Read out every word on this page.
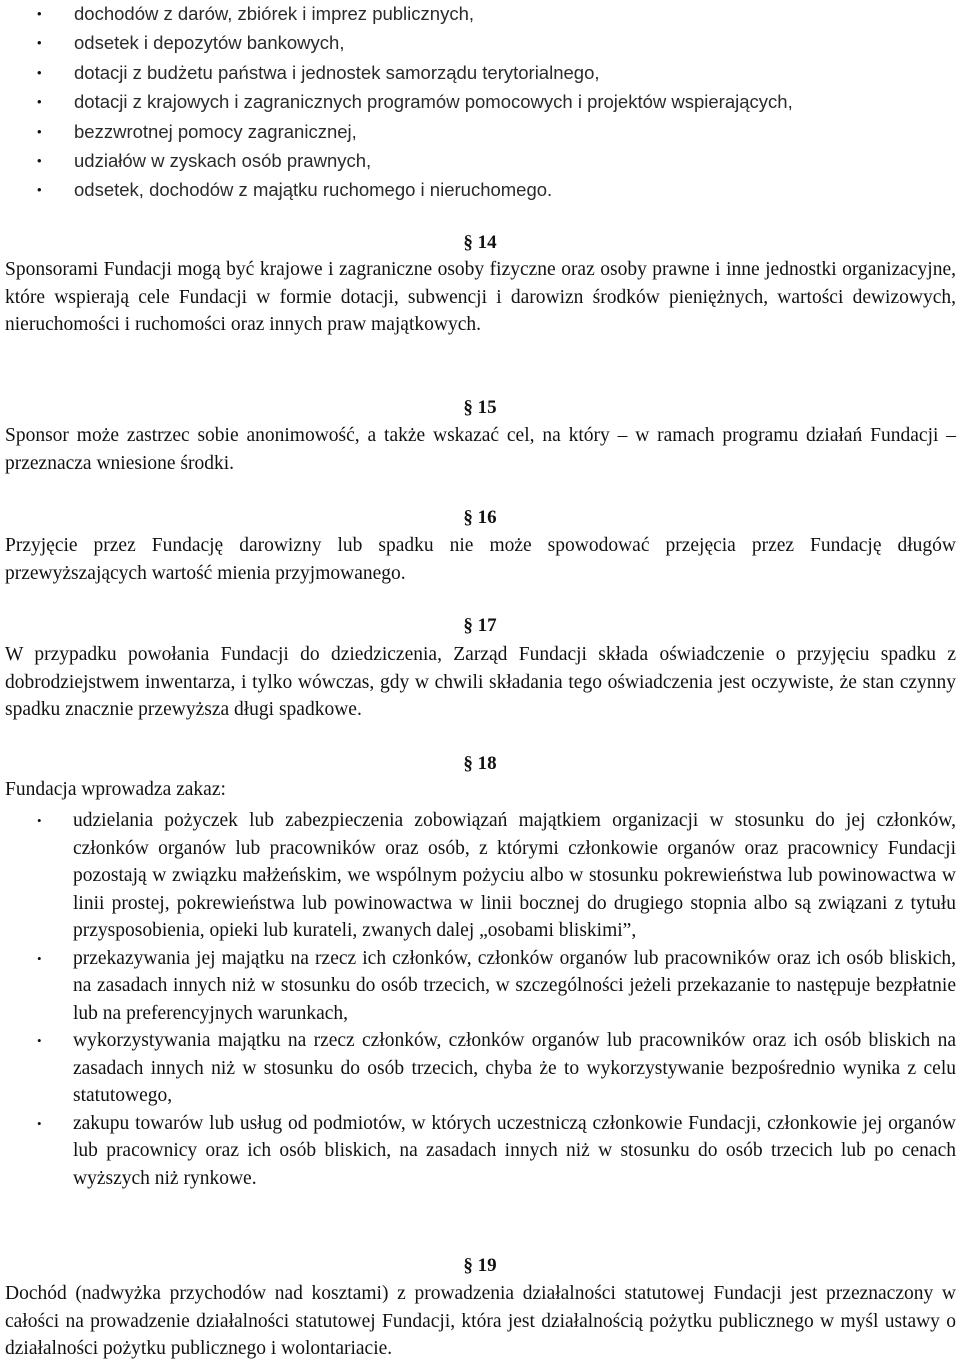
• dochodów z darów, zbiórek i imprez publicznych,
• odsetek i depozytów bankowych,
• dotacji z budżetu państwa i jednostek samorządu terytorialnego,
• dotacji z krajowych i zagranicznych programów pomocowych i projektów wspierających,
• bezzwrotnej pomocy zagranicznej,
• udziałów w zyskach osób prawnych,
• odsetek, dochodów z majątku ruchomego i nieruchomego.
§ 14

Sponsorami Fundacji mogą być krajowe i zagraniczne osoby fizyczne oraz osoby prawne i inne jednostki organizacyjne, które wspierają cele Fundacji w formie dotacji, subwencji i darowizn środków pieniężnych, wartości dewizowych, nieruchomości i ruchomości oraz innych praw majątkowych.

§ 15

Sponsor może zastrzec sobie anonimowość, a także wskazać cel, na który – w ramach programu działań Fundacji – przeznacza wniesione środki.

§ 16

Przyjęcie przez Fundację darowizny lub spadku nie może spowodować przejęcia przez Fundację długów przewyższających wartość mienia przyjmowanego.

§ 17

W przypadku powołania Fundacji do dziedziczenia, Zarząd Fundacji składa oświadczenie o przyjęciu spadku z dobrodziejstwem inwentarza, i tylko wówczas, gdy w chwili składania tego oświadczenia jest oczywiste, że stan czynny spadku znacznie przewyższa długi spadkowe.

§ 18

Fundacja wprowadza zakaz:

• udzielania pożyczek lub zabezpieczenia zobowiązań majątkiem organizacji w stosunku do jej członków, członków organów lub pracowników oraz osób, z którymi członkowie organów oraz pracownicy Fundacji pozostają w związku małżeńskim, we wspólnym pożyciu albo w stosunku pokrewieństwa lub powinowactwa w linii prostej, pokrewieństwa lub powinowactwa w linii bocznej do drugiego stopnia albo są związani z tytułu przysposobienia, opieki lub kurateli, zwanych dalej „osobami bliskimi”,
• przekazywania jej majątku na rzecz ich członków, członków organów lub pracowników oraz ich osób bliskich, na zasadach innych niż w stosunku do osób trzecich, w szczególności jeżeli przekazanie to następuje bezpłatnie lub na preferencyjnych warunkach,
• wykorzystywania majątku na rzecz członków, członków organów lub pracowników oraz ich osób bliskich na zasadach innych niż w stosunku do osób trzecich, chyba że to wykorzystywanie bezpośrednio wynika z celu statutowego,
• zakupu towarów lub usług od podmiotów, w których uczestniczą członkowie Fundacji, członkowie jej organów lub pracownicy oraz ich osób bliskich, na zasadach innych niż w stosunku do osób trzecich lub po cenach wyższych niż rynkowe.
§ 19

Dochód (nadwyżka przychodów nad kosztami) z prowadzenia działalności statutowej Fundacji jest przeznaczony w całości na prowadzenie działalności statutowej Fundacji, która jest działalnością pożytku publicznego w myśl ustawy o działalności pożytku publicznego i wolontariacie.
